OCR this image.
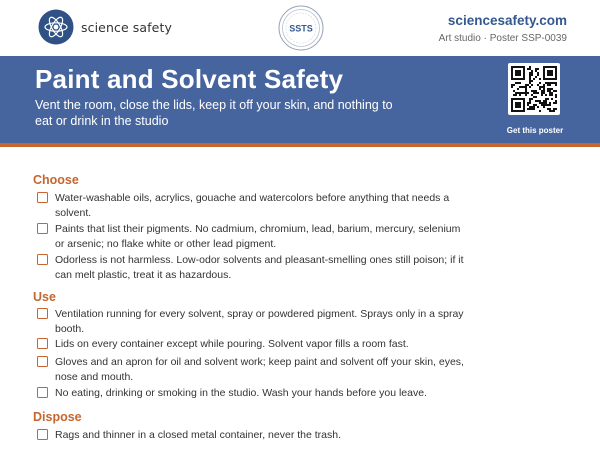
science safety	SSTS
sciencesafety.com
Art studio · Poster SSP-0039
Paint and Solvent Safety

Vent the room, close the lids, keep it off your skin, and nothing to eat or drink in the studio

Get this poster
Choose
Water-washable oils, acrylics, gouache and watercolors before anything that needs a solvent.
Paints that list their pigments. No cadmium, chromium, lead, barium, mercury, selenium or arsenic; no flake white or other lead pigment.
Odorless is not harmless. Low-odor solvents and pleasant-smelling ones still poison; if it can melt plastic, treat it as hazardous.
Use
Ventilation running for every solvent, spray or powdered pigment. Sprays only in a spray booth.
Lids on every container except while pouring. Solvent vapor fills a room fast.
Gloves and an apron for oil and solvent work; keep paint and solvent off your skin, eyes, nose and mouth.
No eating, drinking or smoking in the studio. Wash your hands before you leave.
Dispose
Rags and thinner in a closed metal container, never the trash.
